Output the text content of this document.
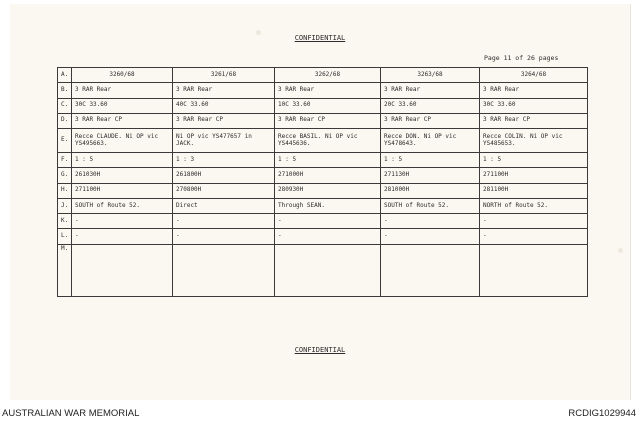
CONFIDENTIAL
Page 11 of 26 pages
A.	3260/68	3261/68	3262/68	3263/68	3264/68
B.	3 RAR Rear	3 RAR Rear	3 RAR Rear	3 RAR Rear	3 RAR Rear
C.	30C 33.60	40C 33.60	10C 33.60	20C 33.60	30C 33.60
D.	3 RAR Rear CP	3 RAR Rear CP	3 RAR Rear CP	3 RAR Rear CP	3 RAR Rear CP
E.	Recce CLAUDE. Ni OP vic YS495663.	Ni OP vic YS477657 in JACK.	Recce BASIL. Ni OP vic YS445636.	Recce DON. Ni OP vic YS478643.	Recce COLIN. Ni OP vic YS485653.
F.	1 : 5	1 : 3	1 : 5	1 : 5	1 : 5
G.	261030H	261800H	271000H	271130H	271100H
H.	271100H	270800H	280930H	281000H	281100H
J.	SOUTH of Route 52.	Direct	Through SEAN.	SOUTH of Route 52.	NORTH of Route 52.
K.	-	-	-	-	-
L.	-	-	-	-	-
M.					
CONFIDENTIAL
AUSTRALIAN WAR MEMORIAL	RCDIG1029944
